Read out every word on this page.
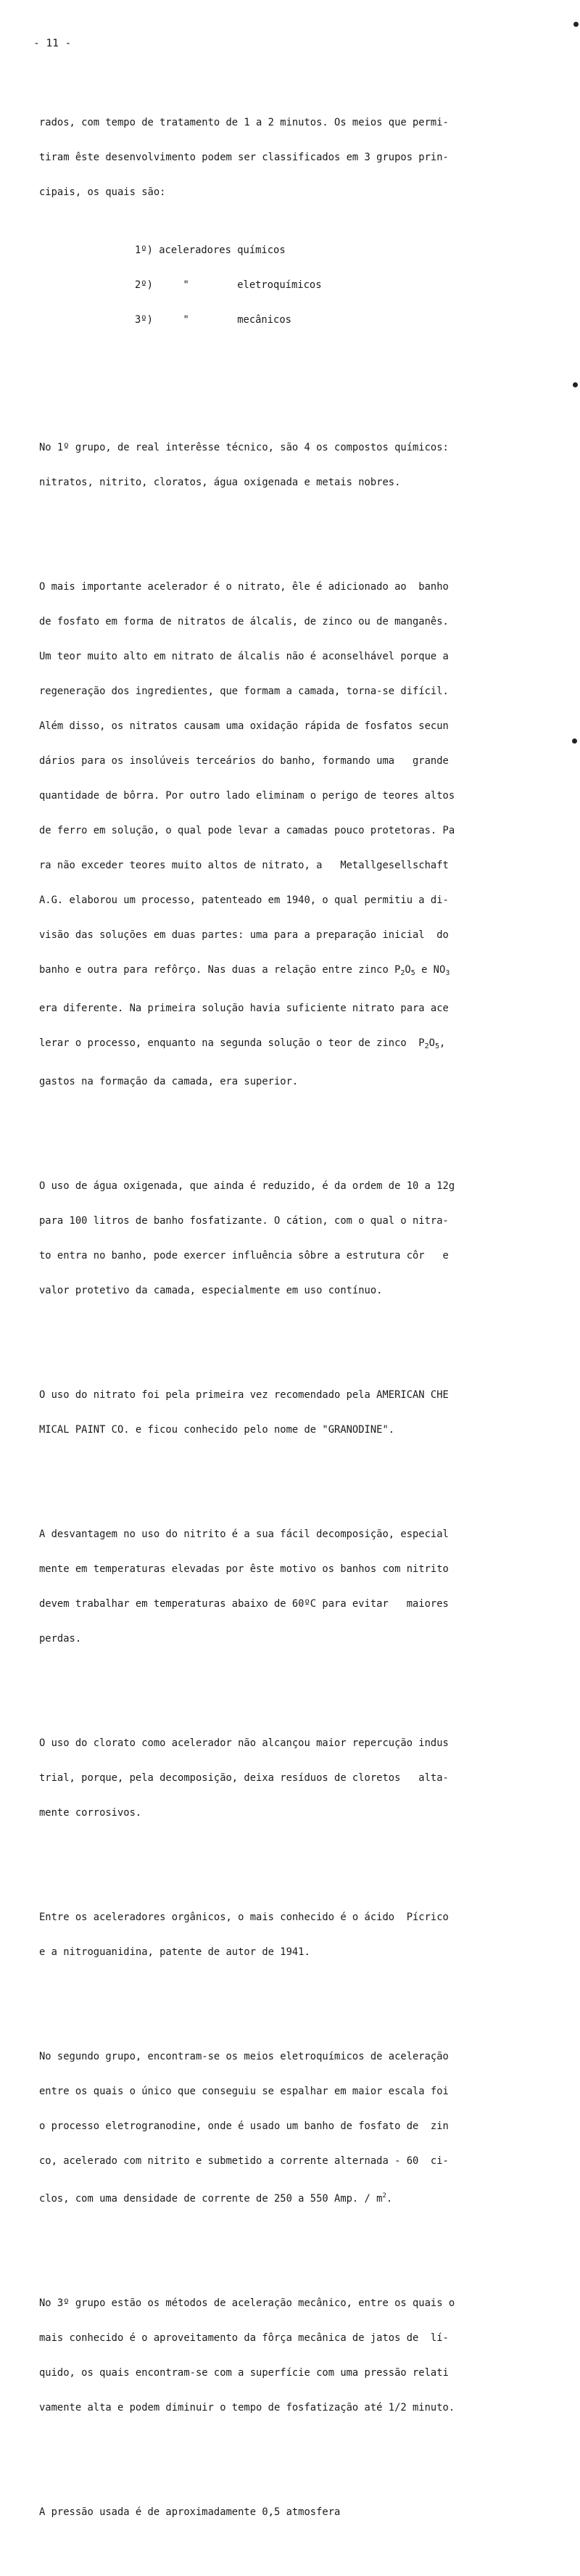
- 11 -

rados, com tempo de tratamento de 1 a 2 minutos. Os meios que permi-

tiram êste desenvolvimento podem ser classificados em 3 grupos prin-

cipais, os quais são:

1º) aceleradores químicos

2º)     "        eletroquímicos

3º)     "        mecânicos

No 1º grupo, de real interêsse técnico, são 4 os compostos químicos:

nitratos, nitrito, cloratos, água oxigenada e metais nobres.

O mais importante acelerador é o nitrato, êle é adicionado ao  banho

de fosfato em forma de nitratos de álcalis, de zinco ou de manganês.

Um teor muito alto em nitrato de álcalis não é aconselhável porque a

regeneração dos ingredientes, que formam a camada, torna-se difícil.

Além disso, os nitratos causam uma oxidação rápida de fosfatos secun

dários para os insolúveis terceários do banho, formando uma   grande

quantidade de bôrra. Por outro lado eliminam o perigo de teores altos

de ferro em solução, o qual pode levar a camadas pouco protetoras. Pa

ra não exceder teores muito altos de nitrato, a   Metallgesellschaft

A.G. elaborou um processo, patenteado em 1940, o qual permitiu a di-

visão das soluções em duas partes: uma para a preparação inicial  do

banho e outra para refôrço. Nas duas a relação entre zinco $P_2O_5$ e $NO_3$

era diferente. Na primeira solução havia suficiente nitrato para ace

lerar o processo, enquanto na segunda solução o teor de zinco  $P_2O_5$,

gastos na formação da camada, era superior.

O uso de água oxigenada, que ainda é reduzido, é da ordem de 10 a 12g

para 100 litros de banho fosfatizante. O cátion, com o qual o nitra-

to entra no banho, pode exercer influência sôbre a estrutura côr   e

valor protetivo da camada, especialmente em uso contínuo.

O uso do nitrato foi pela primeira vez recomendado pela AMERICAN CHE

MICAL PAINT CO. e ficou conhecido pelo nome de "GRANODINE".

A desvantagem no uso do nitrito é a sua fácil decomposição, especial

mente em temperaturas elevadas por êste motivo os banhos com nitrito

devem trabalhar em temperaturas abaixo de 60ºC para evitar   maiores

perdas.

O uso do clorato como acelerador não alcançou maior repercução indus

trial, porque, pela decomposição, deixa resíduos de cloretos   alta-

mente corrosivos.

Entre os aceleradores orgânicos, o mais conhecido é o ácido  Pícrico

e a nitroguanidina, patente de autor de 1941.

No segundo grupo, encontram-se os meios eletroquímicos de aceleração

entre os quais o único que conseguiu se espalhar em maior escala foi

o processo eletrogranodine, onde é usado um banho de fosfato de  zin

co, acelerado com nitrito e submetido a corrente alternada - 60  ci-

clos, com uma densidade de corrente de 250 a 550 Amp. / $m^2$.

No 3º grupo estão os métodos de aceleração mecânico, entre os quais o

mais conhecido é o aproveitamento da fôrça mecânica de jatos de  lí-

quido, os quais encontram-se com a superfície com uma pressão relati

vamente alta e podem diminuir o tempo de fosfatização até 1/2 minuto.

A pressão usada é de aproximadamente 0,5 atmosfera
